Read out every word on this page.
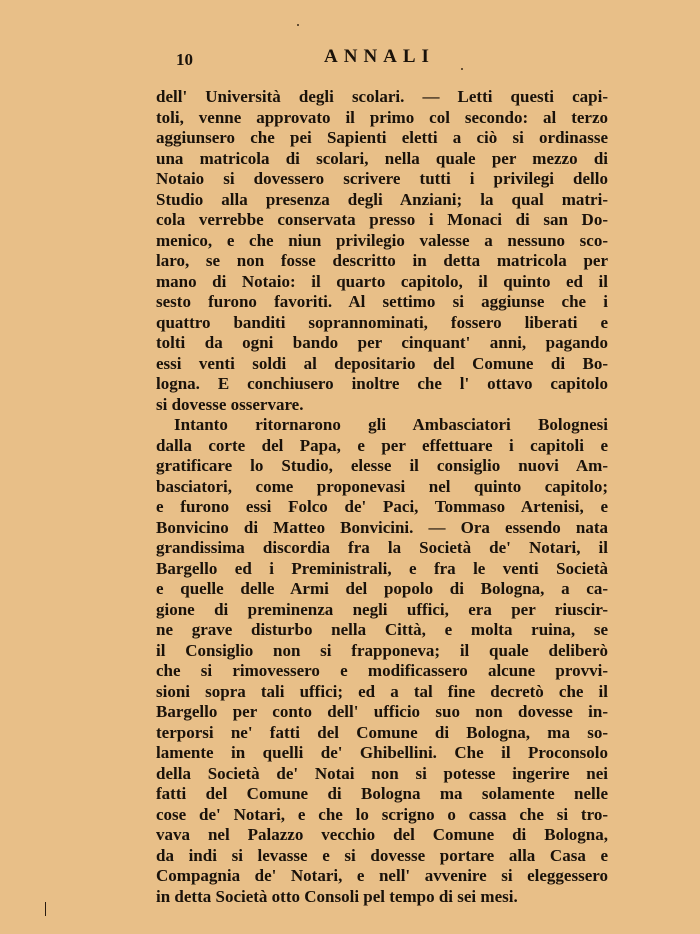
10	ANNALI
dell' Università degli scolari. — Letti questi capi-
toli, venne approvato il primo col secondo: al terzo
aggiunsero che pei Sapienti eletti a ciò si ordinasse
una matricola di scolari, nella quale per mezzo di
Notaio si dovessero scrivere tutti i privilegi dello
Studio alla presenza degli Anziani; la qual matri-
cola verrebbe conservata presso i Monaci di san Do-
menico, e che niun privilegio valesse a nessuno sco-
laro, se non fosse descritto in detta matricola per
mano di Notaio: il quarto capitolo, il quinto ed il
sesto furono favoriti. Al settimo si aggiunse che i
quattro banditi soprannominati, fossero liberati e
tolti da ogni bando per cinquant' anni, pagando
essi venti soldi al depositario del Comune di Bo-
logna. E conchiusero inoltre che l' ottavo capitolo
si dovesse osservare.
Intanto ritornarono gli Ambasciatori Bolognesi
dalla corte del Papa, e per effettuare i capitoli e
gratificare lo Studio, elesse il consiglio nuovi Am-
basciatori, come proponevasi nel quinto capitolo;
e furono essi Folco de' Paci, Tommaso Artenisi, e
Bonvicino di Matteo Bonvicini. — Ora essendo nata
grandissima discordia fra la Società de' Notari, il
Bargello ed i Preministrali, e fra le venti Società
e quelle delle Armi del popolo di Bologna, a ca-
gione di preminenza negli uffici, era per riuscir-
ne grave disturbo nella Città, e molta ruina, se
il Consiglio non si frapponeva; il quale deliberò
che si rimovessero e modificassero alcune provvi-
sioni sopra tali uffici; ed a tal fine decretò che il
Bargello per conto dell' ufficio suo non dovesse in-
terporsi ne' fatti del Comune di Bologna, ma so-
lamente in quelli de' Ghibellini. Che il Proconsolo
della Società de' Notai non si potesse ingerire nei
fatti del Comune di Bologna ma solamente nelle
cose de' Notari, e che lo scrigno o cassa che si tro-
vava nel Palazzo vecchio del Comune di Bologna,
da indi si levasse e si dovesse portare alla Casa e
Compagnia de' Notari, e nell' avvenire si eleggessero
in detta Società otto Consoli pel tempo di sei mesi.
